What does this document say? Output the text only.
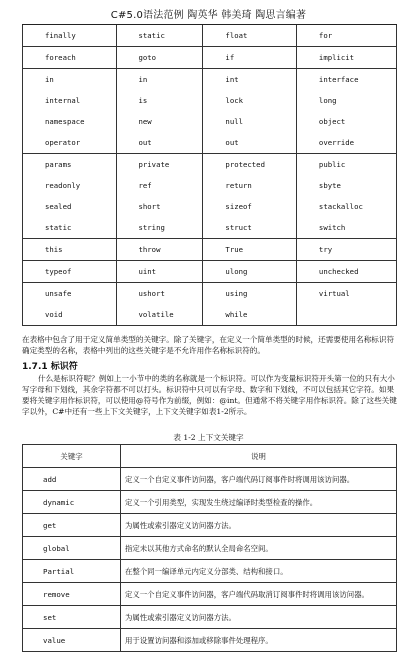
C#5.0语法范例 陶英华 韩美琦 陶思言编著
finally	static	float	for
foreach	goto	if	implicit
in	in	int	interface
internal	is	lock	long
namespace	new	null	object
operator	out	out	override
params	private	protected	public
readonly	ref	return	sbyte
sealed	short	sizeof	stackalloc
static	string	struct	switch
this	throw	True	try
typeof	uint	ulong	unchecked
unsafe	ushort	using	virtual
void	volatile	while	

在表格中包含了用于定义简单类型的关键字。除了关键字，在定义一个简单类型的时候，还需要使用名称标识符确定类型的名称，表格中列出的这些关键字是不允许用作名称标识符的。

1.7.1 标识符

什么是标识符呢？例如上一小节中的类的名称就是一个标识符。可以作为变量标识符开头第一位的只有大小写字母和下划线，其余字符都不可以打头。标识符中只可以有字母、数字和下划线，不可以包括其它字符。如果要将关键字用作标识符，可以使用@符号作为前缀，例如：@int。但通常不将关键字用作标识符。除了这些关键字以外，C#中还有一些上下文关键字，上下文关键字如表1-2所示。

表 1-2 上下文关键字
关键字	说明
add	定义一个自定义事件访问器，客户端代码订阅事件时将调用该访问器。
dynamic	定义一个引用类型，实现发生绕过编译时类型检查的操作。
get	为属性或索引器定义访问器方法。
global	指定未以其他方式命名的默认全局命名空间。
Partial	在整个同一编译单元内定义分部类、结构和接口。
remove	定义一个自定义事件访问器，客户端代码取消订阅事件时将调用该访问器。
set	为属性或索引器定义访问器方法。
value	用于设置访问器和添加或移除事件处理程序。
